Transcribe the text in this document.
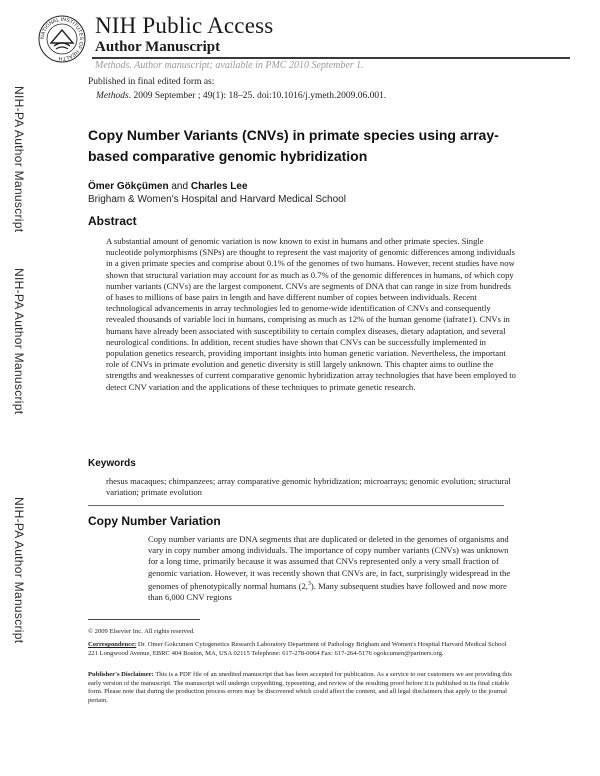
NATIONAL INSTITUTES OF HEALTH
NIH Public Access
Author Manuscript
Methods. Author manuscript; available in PMC 2010 September 1.
NIH-PA Author Manuscript
NIH-PA Author Manuscript
NIH-PA Author Manuscript
Published in final edited form as:
Methods. 2009 September ; 49(1): 18–25. doi:10.1016/j.ymeth.2009.06.001.
Copy Number Variants (CNVs) in primate species using array-based comparative genomic hybridization
Ömer Gökçümen and Charles Lee
Brigham & Women's Hospital and Harvard Medical School
Abstract
A substantial amount of genomic variation is now known to exist in humans and other primate species. Single nucleotide polymorphisms (SNPs) are thought to represent the vast majority of genomic differences among individuals in a given primate species and comprise about 0.1% of the genomes of two humans. However, recent studies have now shown that structural variation may account for as much as 0.7% of the genomic differences in humans, of which copy number variants (CNVs) are the largest component. CNVs are segments of DNA that can range in size from hundreds of bases to millions of base pairs in length and have different number of copies between individuals. Recent technological advancements in array technologies led to genome-wide identification of CNVs and consequently revealed thousands of variable loci in humans, comprising as much as 12% of the human genome (iafrate1). CNVs in humans have already been associated with susceptibility to certain complex diseases, dietary adaptation, and several neurological conditions. In addition, recent studies have shown that CNVs can be successfully implemented in population genetics research, providing important insights into human genetic variation. Nevertheless, the important role of CNVs in primate evolution and genetic diversity is still largely unknown. This chapter aims to outline the strengths and weaknesses of current comparative genomic hybridization array technologies that have been employed to detect CNV variation and the applications of these techniques to primate genetic research.
Keywords
rhesus macaques; chimpanzees; array comparative genomic hybridization; microarrays; genomic evolution; structural variation; primate evolution
Copy Number Variation
Copy number variants are DNA segments that are duplicated or deleted in the genomes of organisms and vary in copy number among individuals. The importance of copy number variants (CNVs) was unknown for a long time, primarily because it was assumed that CNVs represented only a very small fraction of genomic variation. However, it was recently shown that CNVs are, in fact, surprisingly widespread in the genomes of phenotypically normal humans (2,$^3$). Many subsequent studies have followed and now more than 6,000 CNV regions
© 2009 Elsevier Inc. All rights reserved.
Correspondence: Dr. Omer Gokcumen Cytogenetics Research Laboratory Department of Pathology Brigham and Women's Hospital Harvard Medical School 221 Longwood Avenue, EBRC 404 Boston, MA, USA 02115 Telephone: 617-278-0064 Fax: 617-264-5176 ogokcumen@partners.org.
Publisher's Disclaimer: This is a PDF file of an unedited manuscript that has been accepted for publication. As a service to our customers we are providing this early version of the manuscript. The manuscript will undergo copyediting, typesetting, and review of the resulting proof before it is published in its final citable form. Please note that during the production process errors may be discovered which could affect the content, and all legal disclaimers that apply to the journal pertain.
